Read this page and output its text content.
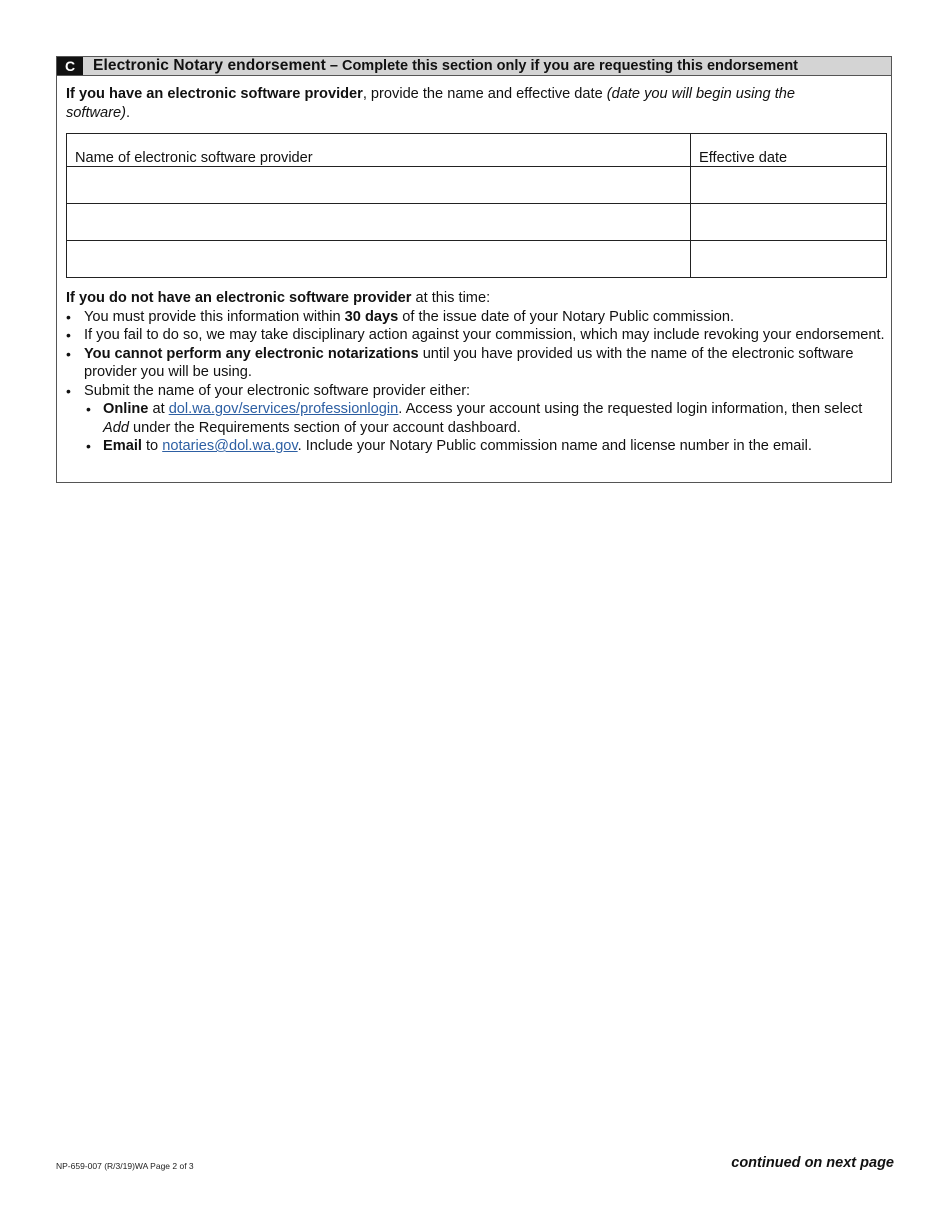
C	Electronic Notary endorsement – Complete this section only if you are requesting this endorsement
If you have an electronic software provider, provide the name and effective date (date you will begin using the software).
Name of electronic software provider	Effective date

If you do not have an electronic software provider at this time:

• You must provide this information within 30 days of the issue date of your Notary Public commission.
• If you fail to do so, we may take disciplinary action against your commission, which may include revoking your endorsement.
• You cannot perform any electronic notarizations until you have provided us with the name of the electronic software provider you will be using.
• Submit the name of your electronic software provider either:
• Online at dol.wa.gov/services/professionlogin. Access your account using the requested login information, then select Add under the Requirements section of your account dashboard.
• Email to notaries@dol.wa.gov. Include your Notary Public commission name and license number in the email.
NP-659-007 (R/3/19)WA Page 2 of 3	continued on next page
